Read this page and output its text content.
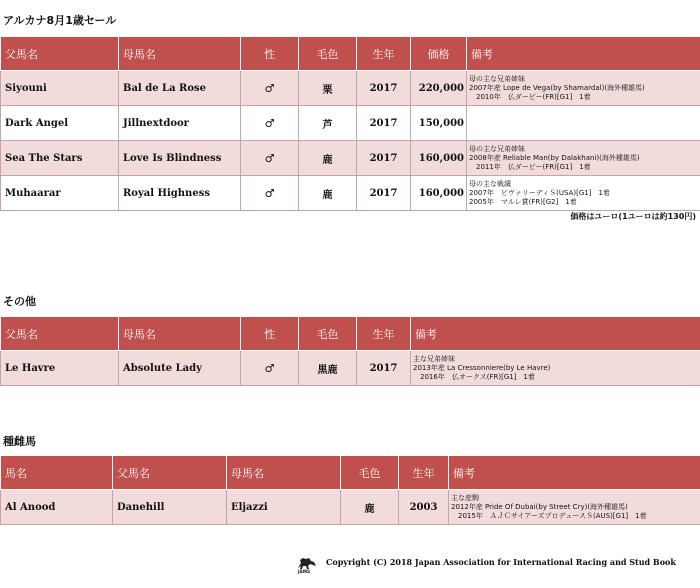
アルカナ8月1歳セール
父馬名	母馬名	性	毛色	生年	価格	備考
Siyouni	Bal de La Rose	♂	栗	2017	220,000	母の主な兄弟姉妹
2007年産 Lope de Vega(by Shamardal)(海外種雄馬)
　2010年　仏ダービー(FR)[G1]　1着

Dark Angel	Jillnextdoor	♂	芦	2017	150,000	
Sea The Stars	Love Is Blindness	♂	鹿	2017	160,000	母の主な兄弟姉妹
2008年産 Reliable Man(by Dalakhani)(海外種雄馬)
　2011年　仏ダービー(FR)[G1]　1着

Muhaarar	Royal Highness	♂	鹿	2017	160,000	母の主な戦績
2007年　ビヴァリーディＳ(USA)[G1]　1着
2005年　マルレ賞(FR)[G2]　1着
価格はユーロ(1ユーロは約130円)
その他
父馬名	母馬名	性	毛色	生年	備考
Le Havre	Absolute Lady	♂	黒鹿	2017	主な兄弟姉妹
2013年産 La Cressonniere(by Le Havre)
　2016年　仏オークス(FR)[G1]　1着
種雌馬
馬名	父馬名	母馬名	毛色	生年	備考
Al Anood	Danehill	Eljazzi	鹿	2003	主な産駒
2012年産 Pride Of Dubai(by Street Cry)(海外種雄馬)
　2015年　ＡＪＣサイアーズプロデュースＳ(AUS)[G1]　1着
JAIRS
Copyright (C) 2018 Japan Association for International Racing and Stud Book
